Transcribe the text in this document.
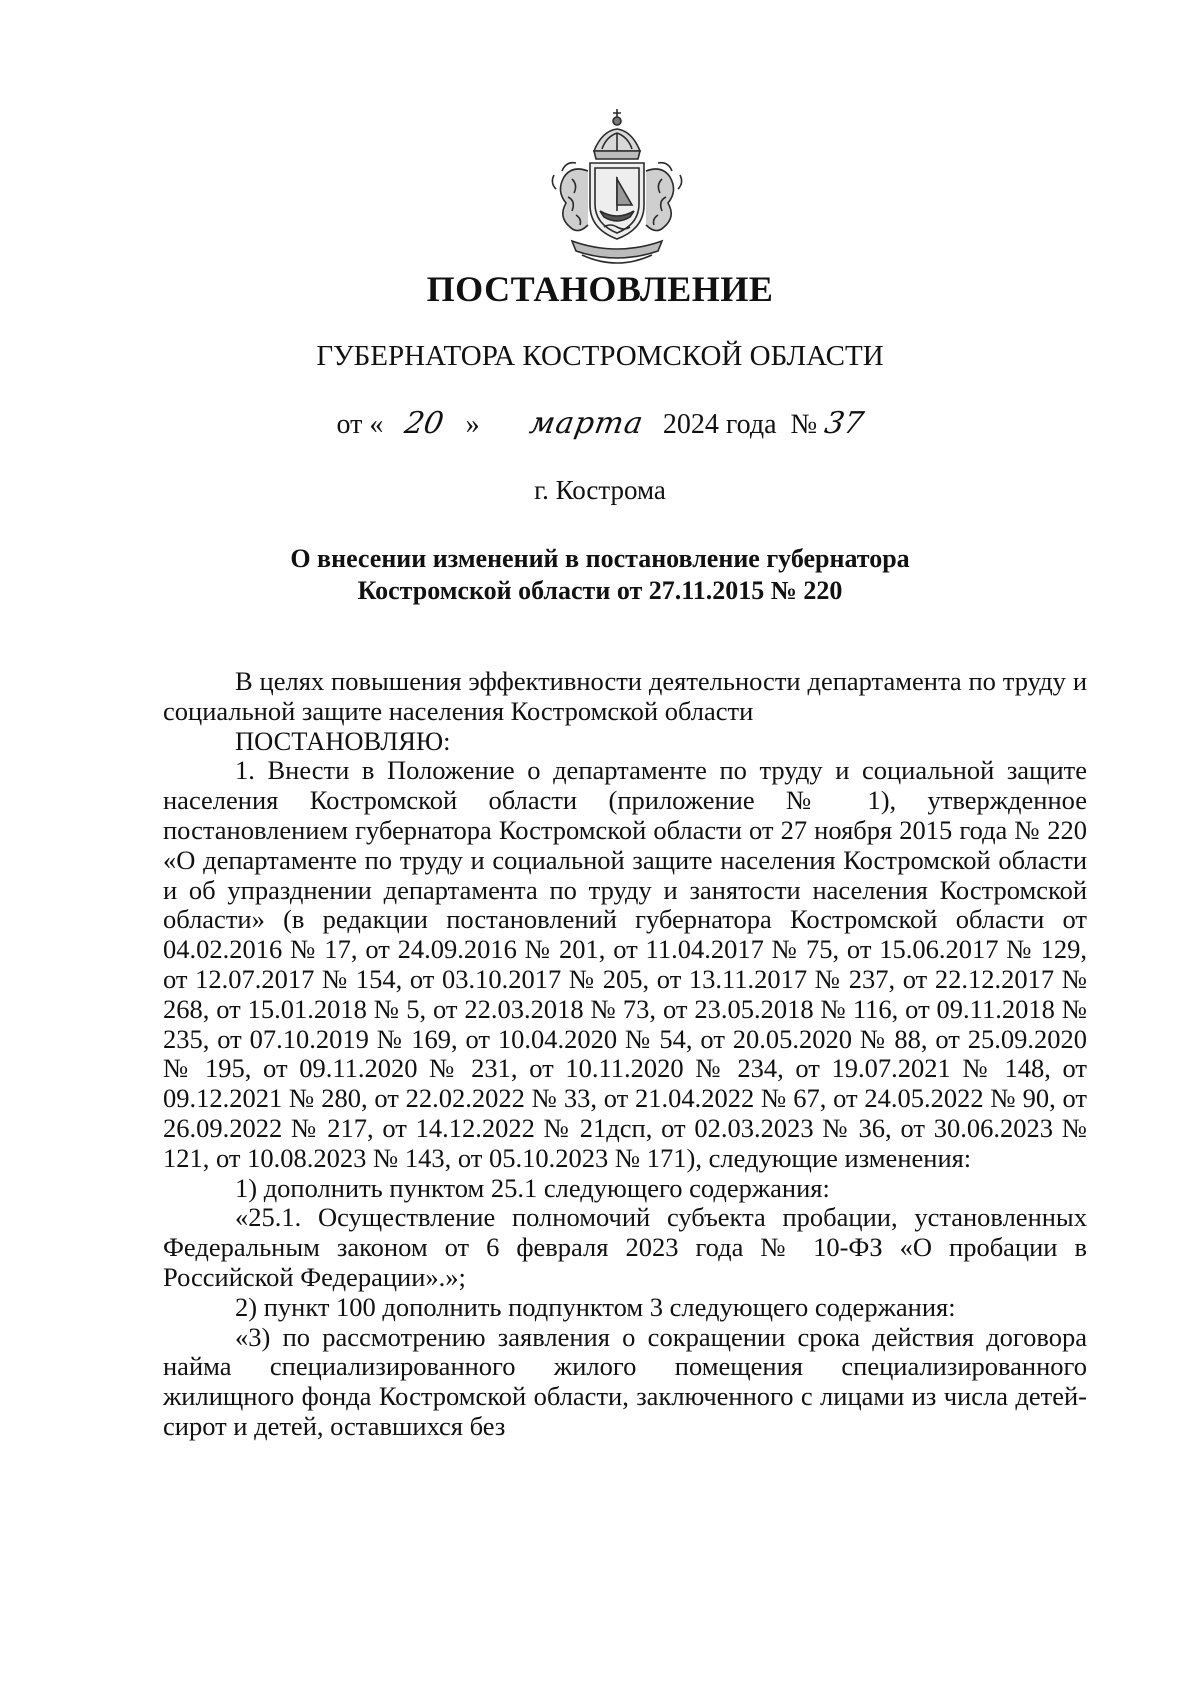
ПОСТАНОВЛЕНИЕ
ГУБЕРНАТОРА КОСТРОМСКОЙ ОБЛАСТИ
от « 20 » марта 2024 года № 37
г. Кострома
О внесении изменений в постановление губернатора
Костромской области от 27.11.2015 № 220

В целях повышения эффективности деятельности департамента по труду и социальной защите населения Костромской области

ПОСТАНОВЛЯЮ:

1. Внести в Положение о департаменте по труду и социальной защите населения Костромской области (приложение № 1), утвержденное постановлением губернатора Костромской области от 27 ноября 2015 года № 220 «О департаменте по труду и социальной защите населения Костромской области и об упразднении департамента по труду и занятости населения Костромской области» (в редакции постановлений губернатора Костромской области от 04.02.2016 № 17, от 24.09.2016 № 201, от 11.04.2017 № 75, от 15.06.2017 № 129, от 12.07.2017 № 154, от 03.10.2017 № 205, от 13.11.2017 № 237, от 22.12.2017 № 268, от 15.01.2018 № 5, от 22.03.2018 № 73, от 23.05.2018 № 116, от 09.11.2018 № 235, от 07.10.2019 № 169, от 10.04.2020 № 54, от 20.05.2020 № 88, от 25.09.2020 № 195, от 09.11.2020 № 231, от 10.11.2020 № 234, от 19.07.2021 № 148, от 09.12.2021 № 280, от 22.02.2022 № 33, от 21.04.2022 № 67, от 24.05.2022 № 90, от 26.09.2022 № 217, от 14.12.2022 № 21дсп, от 02.03.2023 № 36, от 30.06.2023 № 121, от 10.08.2023 № 143, от 05.10.2023 № 171), следующие изменения:

1) дополнить пунктом 25.1 следующего содержания:

«25.1. Осуществление полномочий субъекта пробации, установленных Федеральным законом от 6 февраля 2023 года № 10-ФЗ «О пробации в Российской Федерации».»;

2) пункт 100 дополнить подпунктом 3 следующего содержания:

«3) по рассмотрению заявления о сокращении срока действия договора найма специализированного жилого помещения специализированного жилищного фонда Костромской области, заключенного с лицами из числа детей-сирот и детей, оставшихся без
